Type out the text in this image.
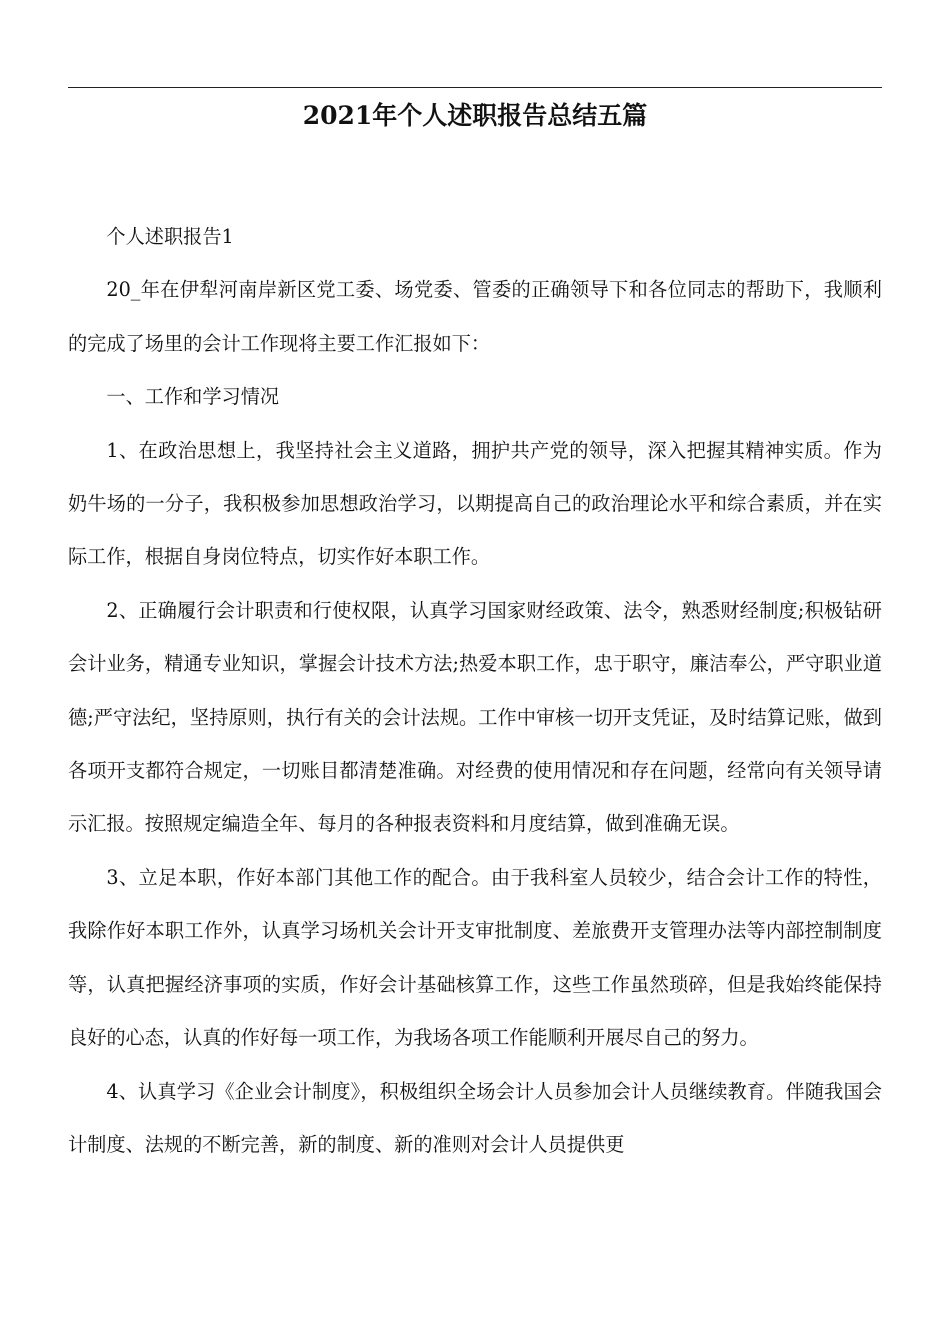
2021年个人述职报告总结五篇

个人述职报告1

20_年在伊犁河南岸新区党工委、场党委、管委的正确领导下和各位同志的帮助下，我顺利的完成了场里的会计工作现将主要工作汇报如下：

一、工作和学习情况

1、在政治思想上，我坚持社会主义道路，拥护共产党的领导，深入把握其精神实质。作为奶牛场的一分子，我积极参加思想政治学习，以期提高自己的政治理论水平和综合素质，并在实际工作，根据自身岗位特点，切实作好本职工作。

2、正确履行会计职责和行使权限，认真学习国家财经政策、法令，熟悉财经制度;积极钻研会计业务，精通专业知识，掌握会计技术方法;热爱本职工作，忠于职守，廉洁奉公，严守职业道德;严守法纪，坚持原则，执行有关的会计法规。工作中审核一切开支凭证，及时结算记账，做到各项开支都符合规定，一切账目都清楚准确。对经费的使用情况和存在问题，经常向有关领导请示汇报。按照规定编造全年、每月的各种报表资料和月度结算，做到准确无误。

3、立足本职，作好本部门其他工作的配合。由于我科室人员较少，结合会计工作的特性，我除作好本职工作外，认真学习场机关会计开支审批制度、差旅费开支管理办法等内部控制制度等，认真把握经济事项的实质，作好会计基础核算工作，这些工作虽然琐碎，但是我始终能保持良好的心态，认真的作好每一项工作，为我场各项工作能顺利开展尽自己的努力。

4、认真学习《企业会计制度》，积极组织全场会计人员参加会计人员继续教育。伴随我国会计制度、法规的不断完善，新的制度、新的准则对会计人员提供更
